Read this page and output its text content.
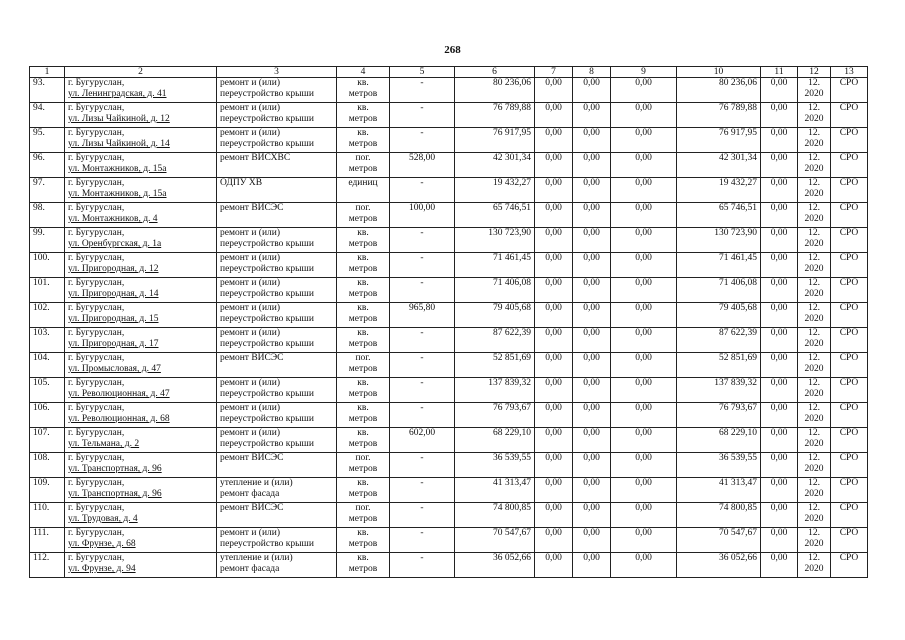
268
1	2	3	4	5	6	7	8	9	10	11	12	13
93.	г. Бугуруслан,
ул. Ленинградская, д. 41	ремонт и (или)
переустройство крыши	кв.
метров	-	80 236,06	0,00	0,00	0,00	80 236,06	0,00	12.
2020	СРО
94.	г. Бугуруслан,
ул. Лизы Чайкиной, д. 12	ремонт и (или)
переустройство крыши	кв.
метров	-	76 789,88	0,00	0,00	0,00	76 789,88	0,00	12.
2020	СРО
95.	г. Бугуруслан,
ул. Лизы Чайкиной, д. 14	ремонт и (или)
переустройство крыши	кв.
метров	-	76 917,95	0,00	0,00	0,00	76 917,95	0,00	12.
2020	СРО
96.	г. Бугуруслан,
ул. Монтажников, д. 15а	ремонт ВИСХВС	пог.
метров	528,00	42 301,34	0,00	0,00	0,00	42 301,34	0,00	12.
2020	СРО
97.	г. Бугуруслан,
ул. Монтажников, д. 15а	ОДПУ ХВ	единиц	-	19 432,27	0,00	0,00	0,00	19 432,27	0,00	12.
2020	СРО
98.	г. Бугуруслан,
ул. Монтажников, д. 4	ремонт ВИСЭС	пог.
метров	100,00	65 746,51	0,00	0,00	0,00	65 746,51	0,00	12.
2020	СРО
99.	г. Бугуруслан,
ул. Оренбургская, д. 1а	ремонт и (или)
переустройство крыши	кв.
метров	-	130 723,90	0,00	0,00	0,00	130 723,90	0,00	12.
2020	СРО
100.	г. Бугуруслан,
ул. Пригородная, д. 12	ремонт и (или)
переустройство крыши	кв.
метров	-	71 461,45	0,00	0,00	0,00	71 461,45	0,00	12.
2020	СРО
101.	г. Бугуруслан,
ул. Пригородная, д. 14	ремонт и (или)
переустройство крыши	кв.
метров	-	71 406,08	0,00	0,00	0,00	71 406,08	0,00	12.
2020	СРО
102.	г. Бугуруслан,
ул. Пригородная, д. 15	ремонт и (или)
переустройство крыши	кв.
метров	965,80	79 405,68	0,00	0,00	0,00	79 405,68	0,00	12.
2020	СРО
103.	г. Бугуруслан,
ул. Пригородная, д. 17	ремонт и (или)
переустройство крыши	кв.
метров	-	87 622,39	0,00	0,00	0,00	87 622,39	0,00	12.
2020	СРО
104.	г. Бугуруслан,
ул. Промысловая, д. 47	ремонт ВИСЭС	пог.
метров	-	52 851,69	0,00	0,00	0,00	52 851,69	0,00	12.
2020	СРО
105.	г. Бугуруслан,
ул. Революционная, д. 47	ремонт и (или)
переустройство крыши	кв.
метров	-	137 839,32	0,00	0,00	0,00	137 839,32	0,00	12.
2020	СРО
106.	г. Бугуруслан,
ул. Революционная, д. 68	ремонт и (или)
переустройство крыши	кв.
метров	-	76 793,67	0,00	0,00	0,00	76 793,67	0,00	12.
2020	СРО
107.	г. Бугуруслан,
ул. Тельмана, д. 2	ремонт и (или)
переустройство крыши	кв.
метров	602,00	68 229,10	0,00	0,00	0,00	68 229,10	0,00	12.
2020	СРО
108.	г. Бугуруслан,
ул. Транспортная, д. 96	ремонт ВИСЭС	пог.
метров	-	36 539,55	0,00	0,00	0,00	36 539,55	0,00	12.
2020	СРО
109.	г. Бугуруслан,
ул. Транспортная, д. 96	утепление и (или)
ремонт фасада	кв.
метров	-	41 313,47	0,00	0,00	0,00	41 313,47	0,00	12.
2020	СРО
110.	г. Бугуруслан,
ул. Трудовая, д. 4	ремонт ВИСЭС	пог.
метров	-	74 800,85	0,00	0,00	0,00	74 800,85	0,00	12.
2020	СРО
111.	г. Бугуруслан,
ул. Фрунзе, д. 68	ремонт и (или)
переустройство крыши	кв.
метров	-	70 547,67	0,00	0,00	0,00	70 547,67	0,00	12.
2020	СРО
112.	г. Бугуруслан,
ул. Фрунзе, д. 94	утепление и (или)
ремонт фасада	кв.
метров	-	36 052,66	0,00	0,00	0,00	36 052,66	0,00	12.
2020	СРО
